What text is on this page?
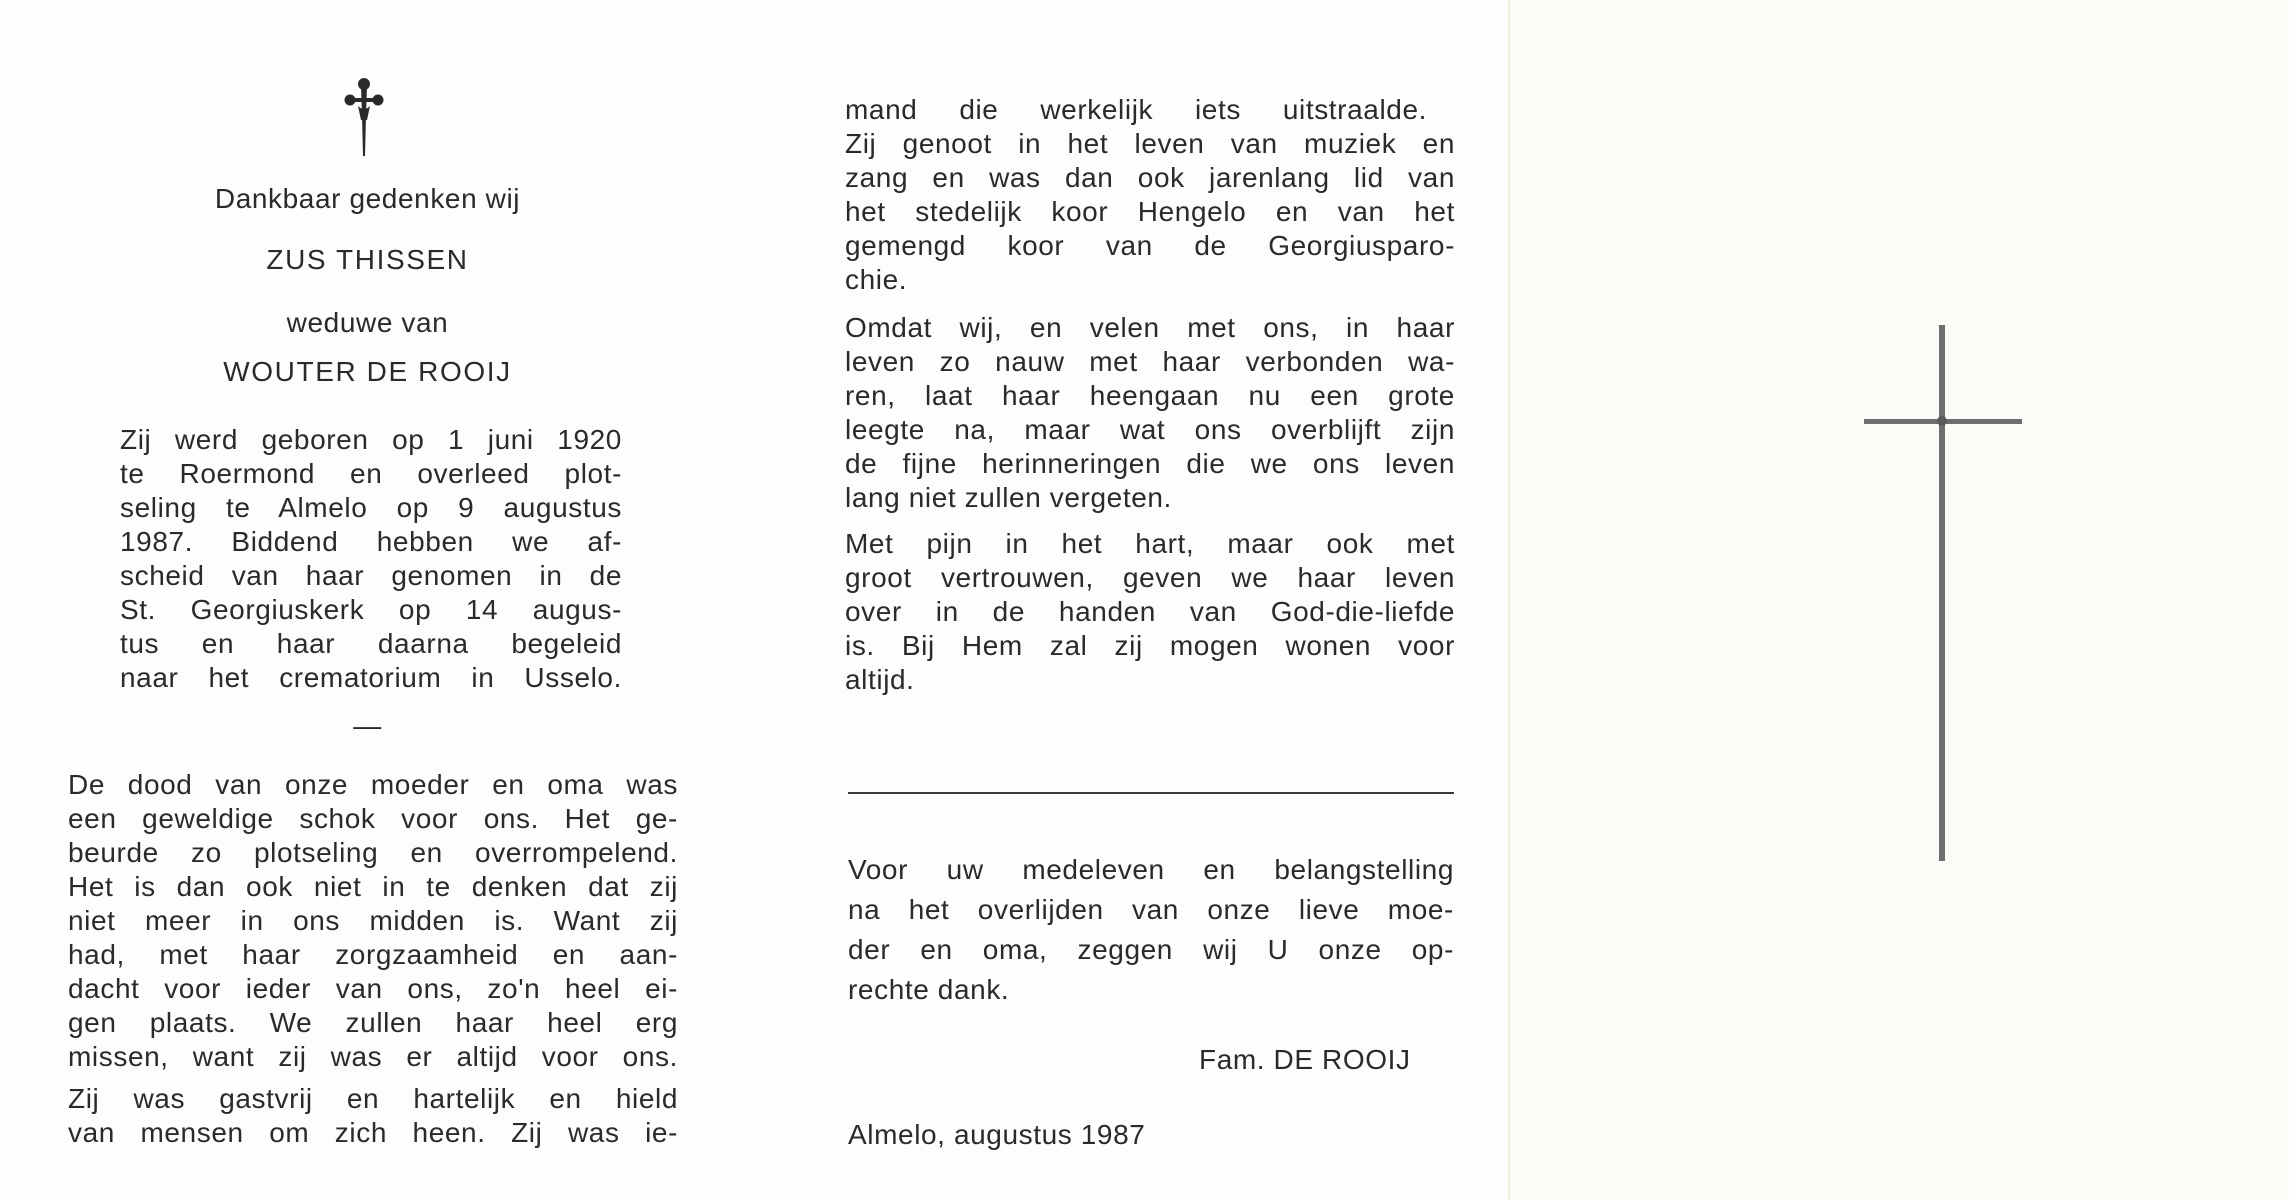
Dankbaar gedenken wij
ZUS THISSEN
weduwe van
WOUTER DE ROOIJ
Zij werd geboren op 1 juni 1920
te Roermond en overleed plot-
seling te Almelo op 9 augustus
1987. Biddend hebben we af-
scheid van haar genomen in de
St. Georgiuskerk op 14 augus-
tus en haar daarna begeleid
naar het crematorium in Usselo.
—
De dood van onze moeder en oma was
een geweldige schok voor ons. Het ge-
beurde zo plotseling en overrompelend.
Het is dan ook niet in te denken dat zij
niet meer in ons midden is. Want zij
had, met haar zorgzaamheid en aan-
dacht voor ieder van ons, zo'n heel ei-
gen plaats. We zullen haar heel erg
missen, want zij was er altijd voor ons.
Zij was gastvrij en hartelijk en hield
van mensen om zich heen. Zij was ie-
mand die werkelijk iets uitstraalde.
Zij genoot in het leven van muziek en
zang en was dan ook jarenlang lid van
het stedelijk koor Hengelo en van het
gemengd koor van de Georgiusparo-
chie.
Omdat wij, en velen met ons, in haar
leven zo nauw met haar verbonden wa-
ren, laat haar heengaan nu een grote
leegte na, maar wat ons overblijft zijn
de fijne herinneringen die we ons leven
lang niet zullen vergeten.
Met pijn in het hart, maar ook met
groot vertrouwen, geven we haar leven
over in de handen van God-die-liefde
is. Bij Hem zal zij mogen wonen voor
altijd.
Voor uw medeleven en belangstelling
na het overlijden van onze lieve moe-
der en oma, zeggen wij U onze op-
rechte dank.
Fam. DE ROOIJ
Almelo, augustus 1987
